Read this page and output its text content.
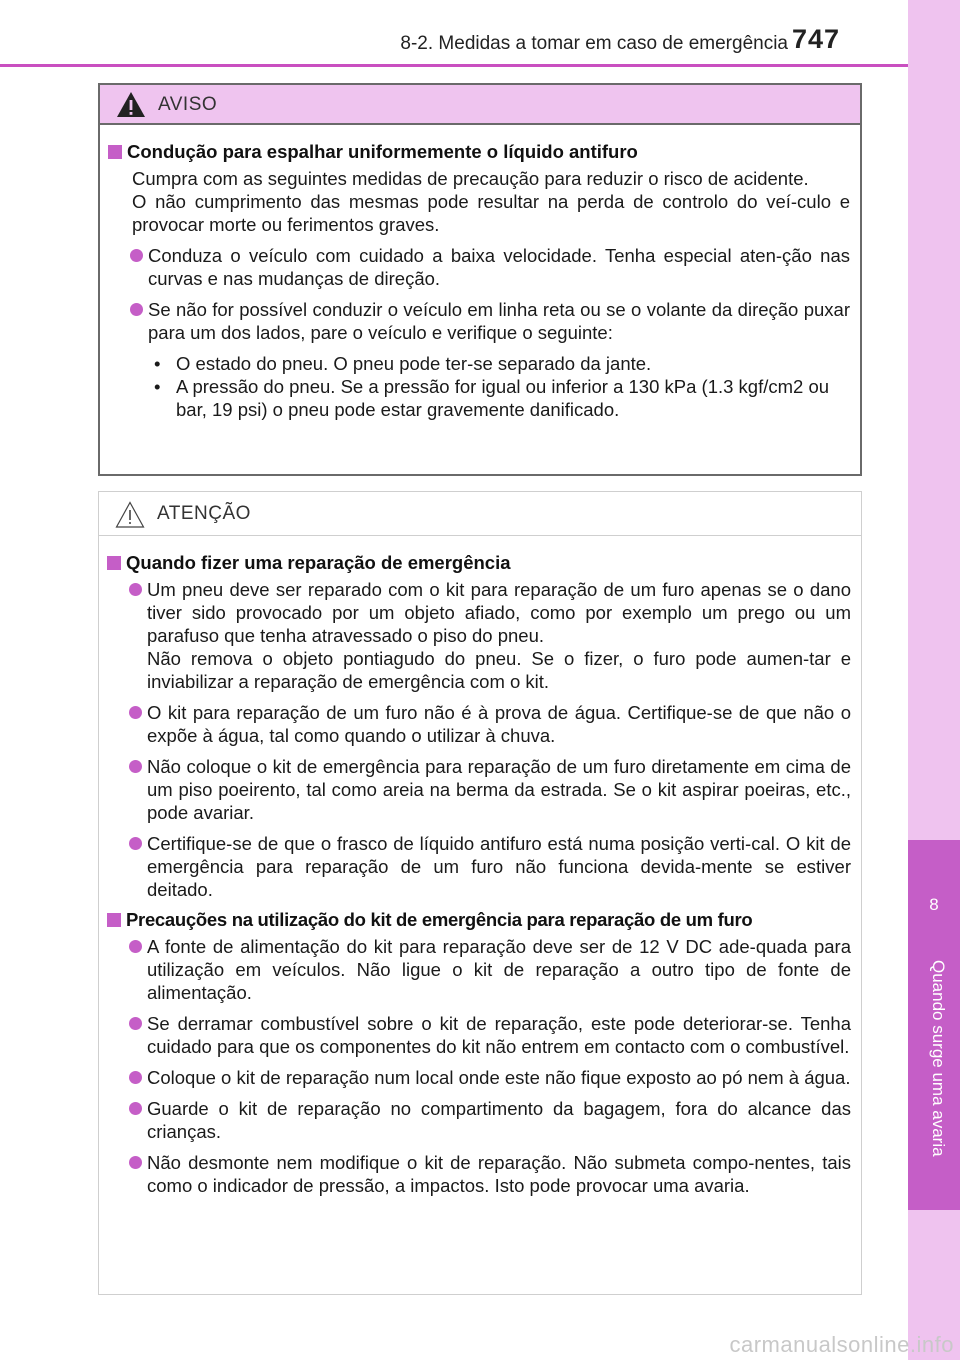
8-2. Medidas a tomar em caso de emergência 747
8
Quando surge uma avaria
AVISO
Condução para espalhar uniformemente o líquido antifuro
Cumpra com as seguintes medidas de precaução para reduzir o risco de acidente.
O não cumprimento das mesmas pode resultar na perda de controlo do veí-culo e provocar morte ou ferimentos graves.
Conduza o veículo com cuidado a baixa velocidade. Tenha especial aten-ção nas curvas e nas mudanças de direção.
Se não for possível conduzir o veículo em linha reta ou se o volante da direção puxar para um dos lados, pare o veículo e verifique o seguinte:
• O estado do pneu. O pneu pode ter-se separado da jante.
• A pressão do pneu. Se a pressão for igual ou inferior a 130 kPa (1.3 kgf/cm2 ou bar, 19 psi) o pneu pode estar gravemente danificado.
ATENÇÃO
Quando fizer uma reparação de emergência
Um pneu deve ser reparado com o kit para reparação de um furo apenas se o dano tiver sido provocado por um objeto afiado, como por exemplo um prego ou um parafuso que tenha atravessado o piso do pneu.
Não remova o objeto pontiagudo do pneu. Se o fizer, o furo pode aumen-tar e inviabilizar a reparação de emergência com o kit.
O kit para reparação de um furo não é à prova de água. Certifique-se de que não o expõe à água, tal como quando o utilizar à chuva.
Não coloque o kit de emergência para reparação de um furo diretamente em cima de um piso poeirento, tal como areia na berma da estrada. Se o kit aspirar poeiras, etc., pode avariar.
Certifique-se de que o frasco de líquido antifuro está numa posição verti-cal. O kit de emergência para reparação de um furo não funciona devida-mente se estiver deitado.
Precauções na utilização do kit de emergência para reparação de um furo
A fonte de alimentação do kit para reparação deve ser de 12 V DC ade-quada para utilização em veículos. Não ligue o kit de reparação a outro tipo de fonte de alimentação.
Se derramar combustível sobre o kit de reparação, este pode deteriorar-se. Tenha cuidado para que os componentes do kit não entrem em contacto com o combustível.
Coloque o kit de reparação num local onde este não fique exposto ao pó nem à água.
Guarde o kit de reparação no compartimento da bagagem, fora do alcance das crianças.
Não desmonte nem modifique o kit de reparação. Não submeta compo-nentes, tais como o indicador de pressão, a impactos. Isto pode provocar uma avaria.
carmanualsonline.info
